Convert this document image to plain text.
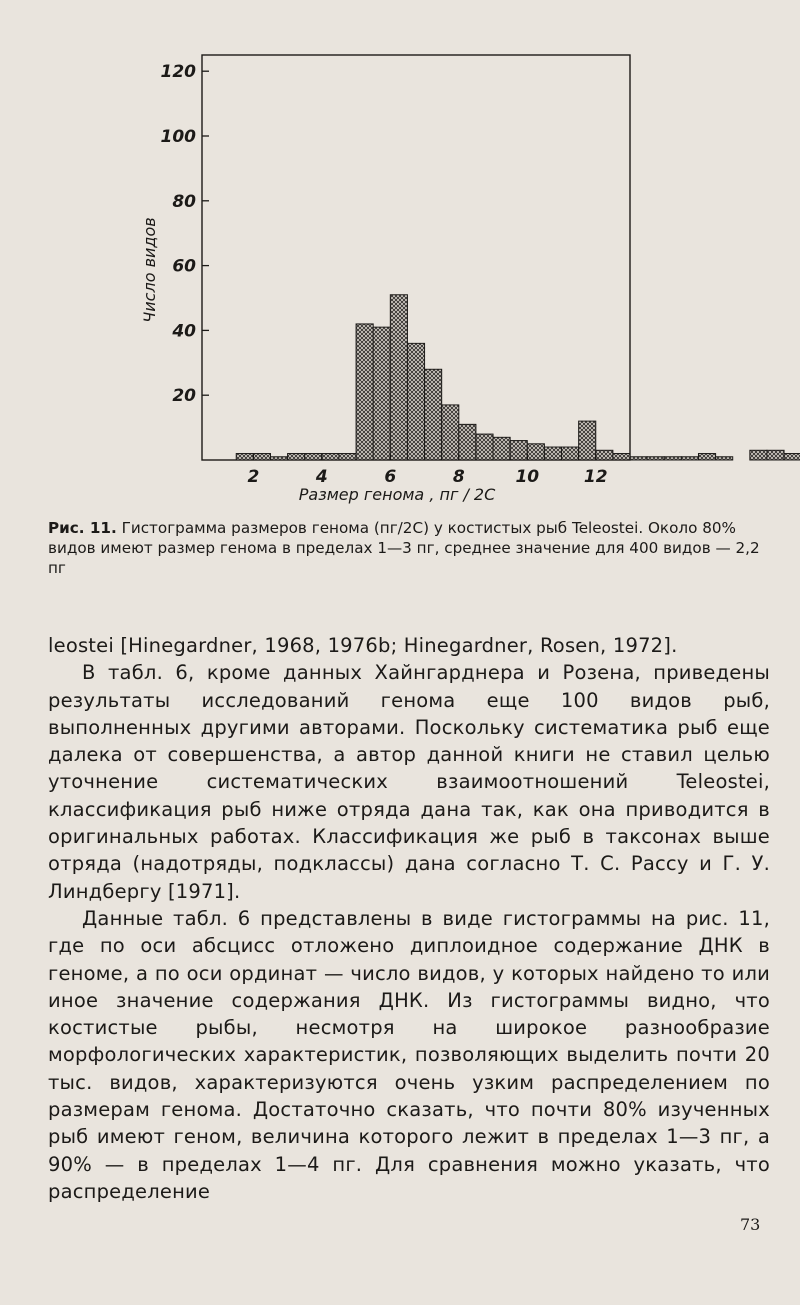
20
40
60
80
100
120
2	4	6	8	10	12
Число видов
Размер генома , пг / 2С

Рис. 11. Гистограмма размеров генома (пг/2С) у костистых рыб Teleostei. Около 80% видов имеют размер генома в пределах 1—3 пг, среднее значение для 400 видов — 2,2 пг

leostei [Hinegardner, 1968, 1976b; Hinegardner, Rosen, 1972].

В табл. 6, кроме данных Хайнгарднера и Розена, приведены результаты исследований генома еще 100 видов рыб, выполненных другими авторами. Поскольку систематика рыб еще далека от совершенства, а автор данной книги не ставил целью уточнение систематических взаимоотношений Teleostei, классификация рыб ниже отряда дана так, как она приводится в оригинальных работах. Классификация же рыб в таксонах выше отряда (надотряды, подклассы) дана согласно Т. С. Рассу и Г. У. Линдбергу [1971].

Данные табл. 6 представлены в виде гистограммы на рис. 11, где по оси абсцисс отложено диплоидное содержание ДНК в геноме, а по оси ординат — число видов, у которых найдено то или иное значение содержания ДНК. Из гистограммы видно, что костистые рыбы, несмотря на широкое разнообразие морфологических характеристик, позволяющих выделить почти 20 тыс. видов, характеризуются очень узким распределением по размерам генома. Достаточно сказать, что почти 80% изученных рыб имеют геном, величина которого лежит в пределах 1—3 пг, а 90% — в пределах 1—4 пг. Для сравнения можно указать, что распределение

73
